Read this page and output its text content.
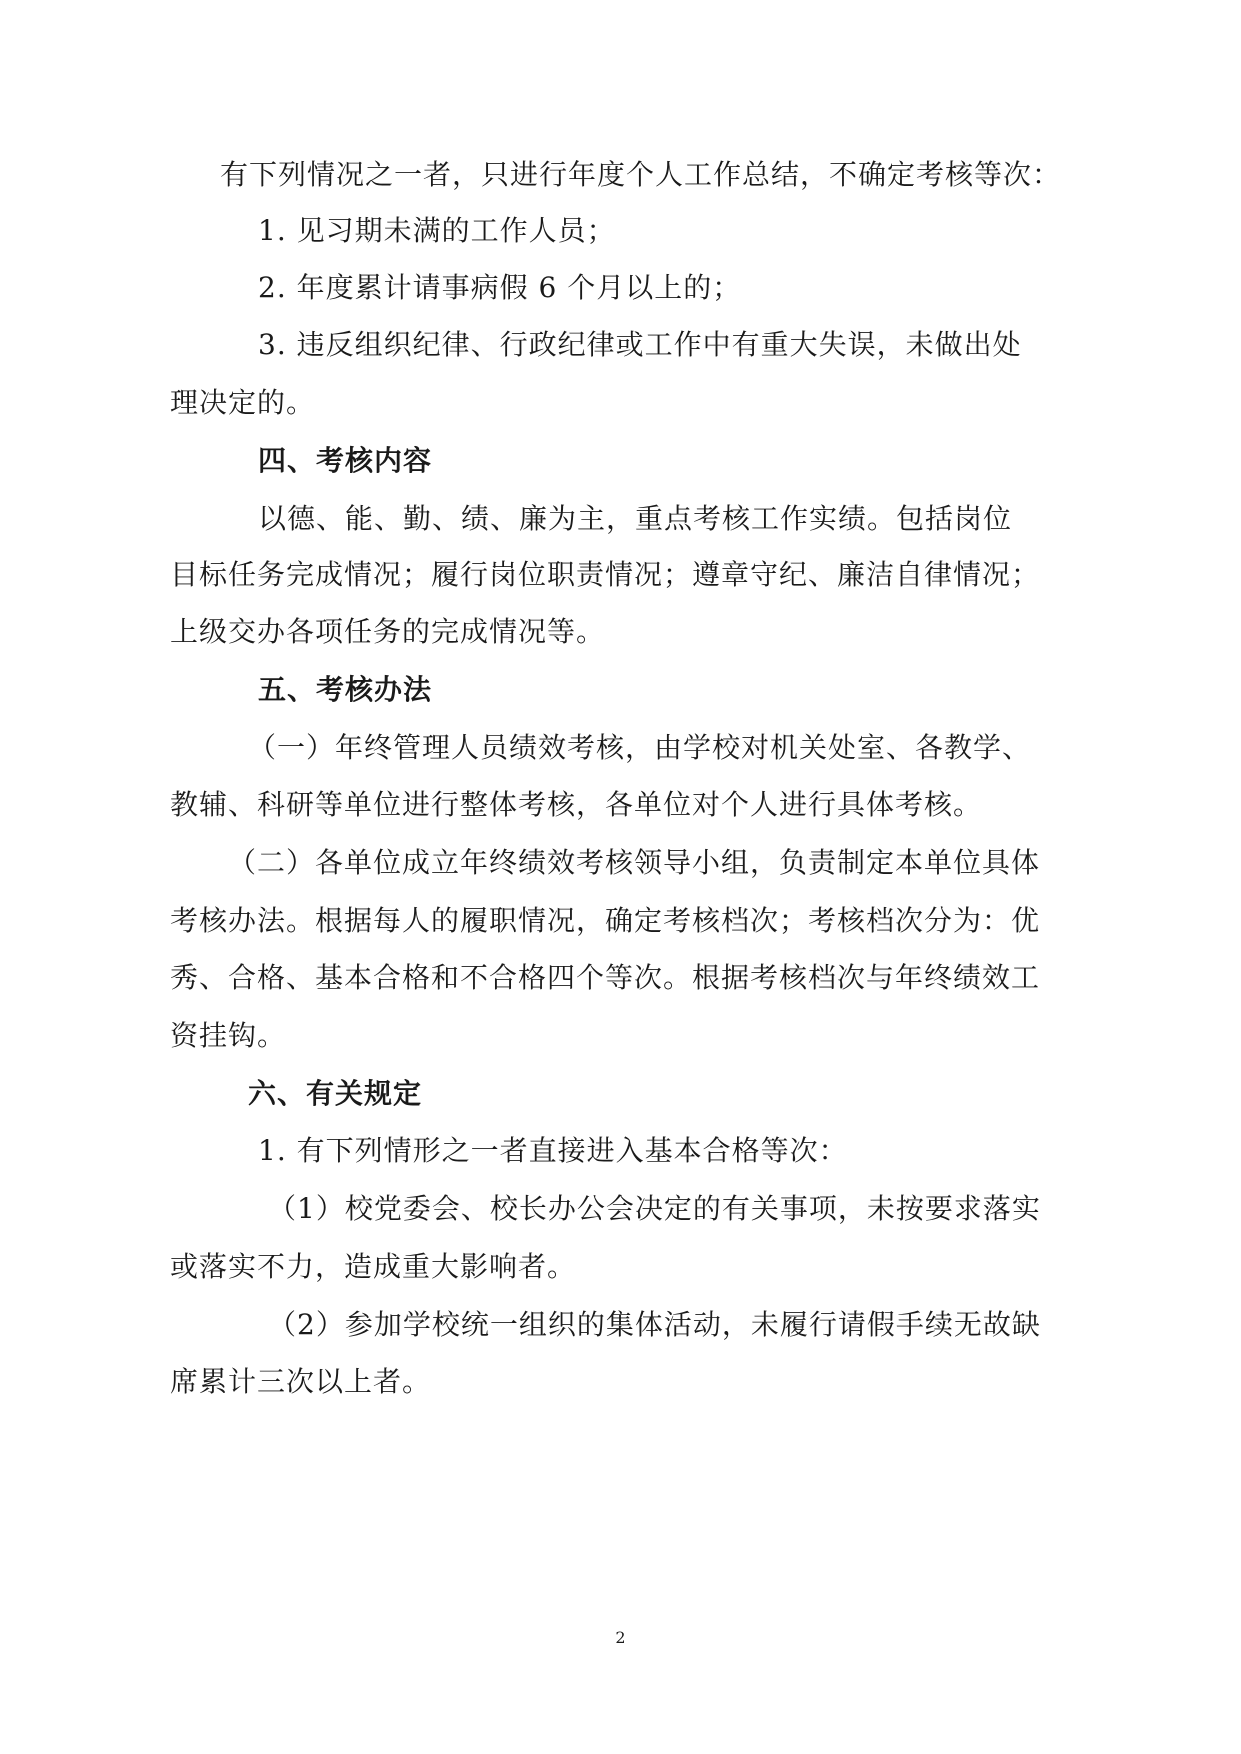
有下列情况之一者，只进行年度个人工作总结，不确定考核等次：
1. 见习期未满的工作人员；
2. 年度累计请事病假 6 个月以上的；
3. 违反组织纪律、行政纪律或工作中有重大失误，未做出处
理决定的。
四、考核内容
以德、能、勤、绩、廉为主，重点考核工作实绩。包括岗位
目标任务完成情况；履行岗位职责情况；遵章守纪、廉洁自律情况；
上级交办各项任务的完成情况等。
五、考核办法
（一）年终管理人员绩效考核，由学校对机关处室、各教学、
教辅、科研等单位进行整体考核，各单位对个人进行具体考核。
（二）各单位成立年终绩效考核领导小组，负责制定本单位具体
考核办法。根据每人的履职情况，确定考核档次；考核档次分为：优
秀、合格、基本合格和不合格四个等次。根据考核档次与年终绩效工
资挂钩。
六、有关规定
1. 有下列情形之一者直接进入基本合格等次：
（1）校党委会、校长办公会决定的有关事项，未按要求落实
或落实不力，造成重大影响者。
（2）参加学校统一组织的集体活动，未履行请假手续无故缺
席累计三次以上者。
2
